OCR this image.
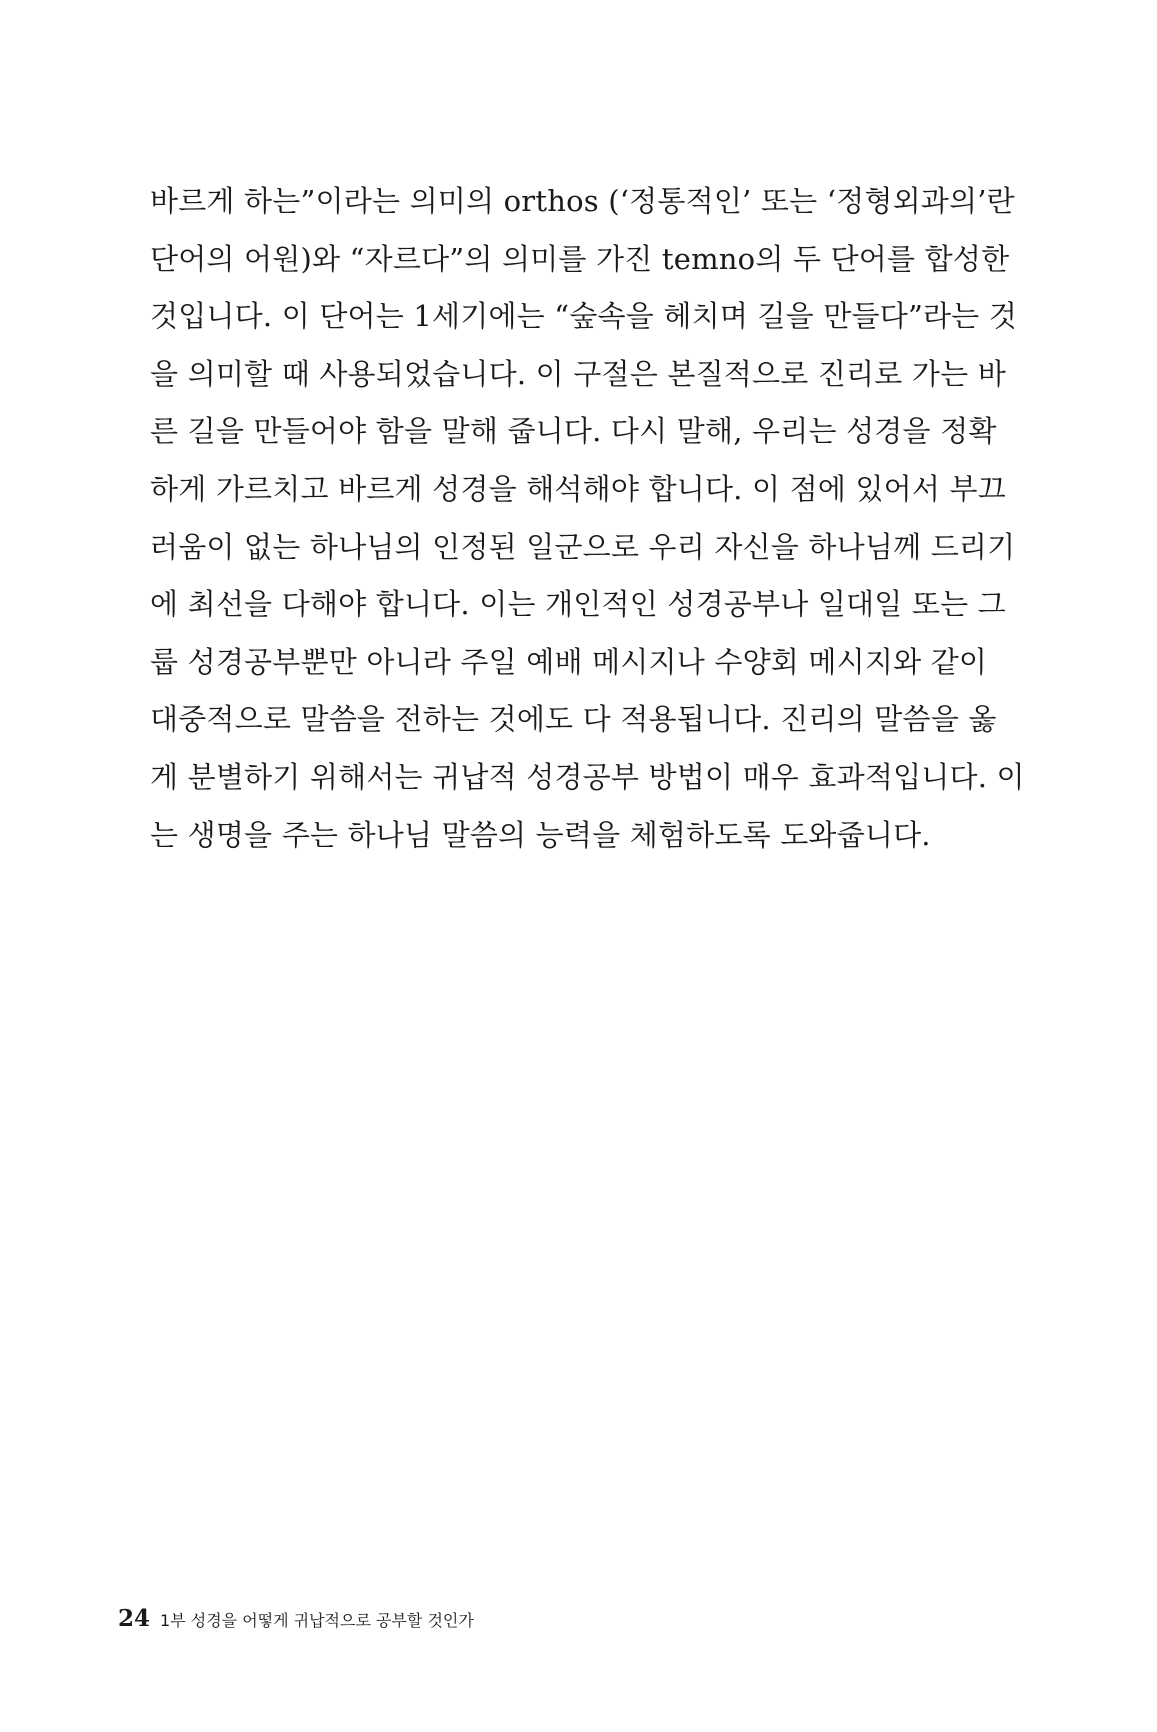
바르게 하는”이라는 의미의 orthos (‘정통적인’ 또는 ‘정형외과의’란
단어의 어원)와 “자르다”의 의미를 가진 temno의 두 단어를 합성한
것입니다. 이 단어는 1세기에는 “숲속을 헤치며 길을 만들다”라는 것
을 의미할 때 사용되었습니다. 이 구절은 본질적으로 진리로 가는 바
른 길을 만들어야 함을 말해 줍니다. 다시 말해, 우리는 성경을 정확
하게 가르치고 바르게 성경을 해석해야 합니다. 이 점에 있어서 부끄
러움이 없는 하나님의 인정된 일군으로 우리 자신을 하나님께 드리기
에 최선을 다해야 합니다. 이는 개인적인 성경공부나 일대일 또는 그
룹 성경공부뿐만 아니라 주일 예배 메시지나 수양회 메시지와 같이
대중적으로 말씀을 전하는 것에도 다 적용됩니다. 진리의 말씀을 옳
게 분별하기 위해서는 귀납적 성경공부 방법이 매우 효과적입니다. 이
는 생명을 주는 하나님 말씀의 능력을 체험하도록 도와줍니다.
24 1부 성경을 어떻게 귀납적으로 공부할 것인가
